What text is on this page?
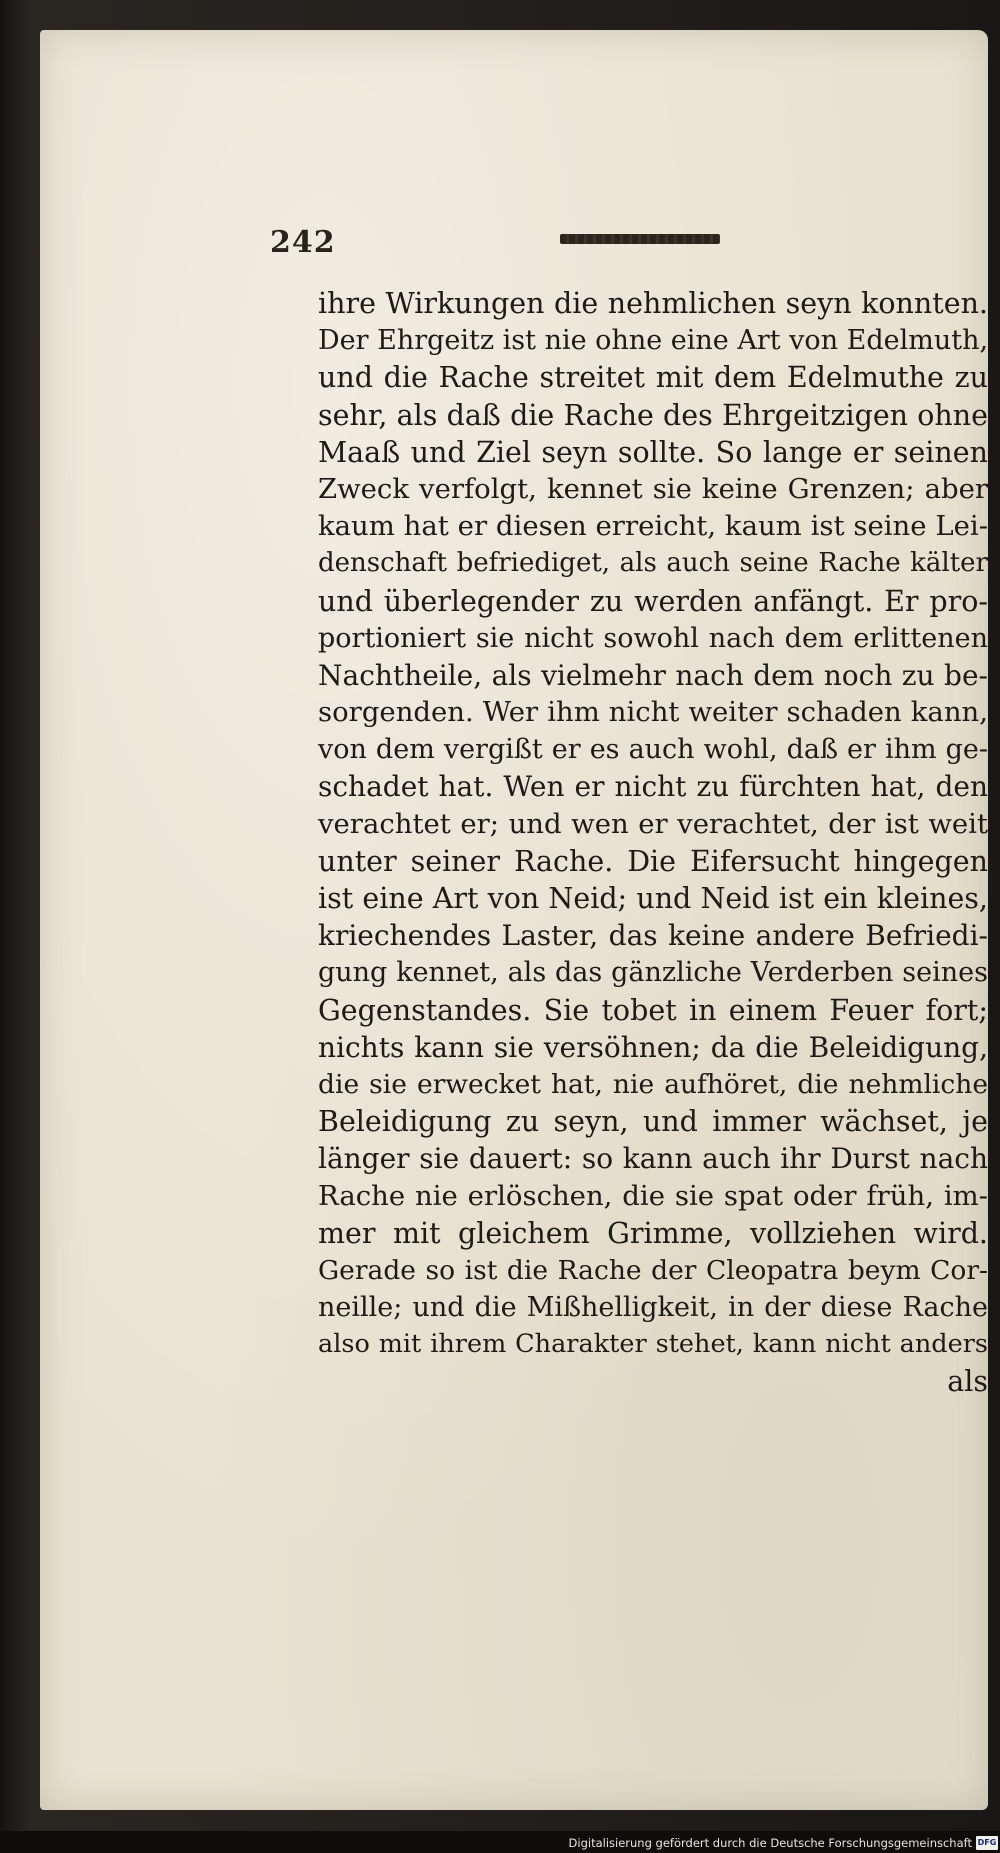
242
ihre Wirkungen die nehmlichen seyn konnten.
Der Ehrgeitz ist nie ohne eine Art von Edelmuth,
und die Rache streitet mit dem Edelmuthe zu
sehr, als daß die Rache des Ehrgeitzigen ohne
Maaß und Ziel seyn sollte. So lange er seinen
Zweck verfolgt, kennet sie keine Grenzen; aber
kaum hat er diesen erreicht, kaum ist seine Lei-
denschaft befriediget, als auch seine Rache kälter
und überlegender zu werden anfängt. Er pro-
portioniert sie nicht sowohl nach dem erlittenen
Nachtheile, als vielmehr nach dem noch zu be-
sorgenden. Wer ihm nicht weiter schaden kann,
von dem vergißt er es auch wohl, daß er ihm ge-
schadet hat. Wen er nicht zu fürchten hat, den
verachtet er; und wen er verachtet, der ist weit
unter seiner Rache. Die Eifersucht hingegen
ist eine Art von Neid; und Neid ist ein kleines,
kriechendes Laster, das keine andere Befriedi-
gung kennet, als das gänzliche Verderben seines
Gegenstandes. Sie tobet in einem Feuer fort;
nichts kann sie versöhnen; da die Beleidigung,
die sie erwecket hat, nie aufhöret, die nehmliche
Beleidigung zu seyn, und immer wächset, je
länger sie dauert: so kann auch ihr Durst nach
Rache nie erlöschen, die sie spat oder früh, im-
mer mit gleichem Grimme, vollziehen wird.
Gerade so ist die Rache der Cleopatra beym Cor-
neille; und die Mißhelligkeit, in der diese Rache
also mit ihrem Charakter stehet, kann nicht anders
als
Digitalisierung gefördert durch die Deutsche Forschungsgemeinschaft DFG
